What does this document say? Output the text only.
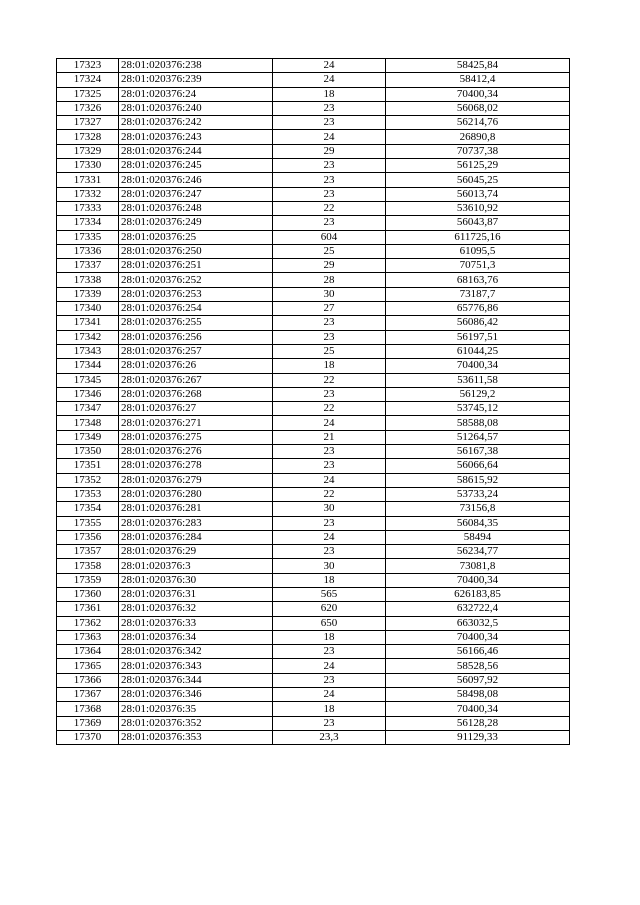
17323	28:01:020376:238	24	58425,84
17324	28:01:020376:239	24	58412,4
17325	28:01:020376:24	18	70400,34
17326	28:01:020376:240	23	56068,02
17327	28:01:020376:242	23	56214,76
17328	28:01:020376:243	24	26890,8
17329	28:01:020376:244	29	70737,38
17330	28:01:020376:245	23	56125,29
17331	28:01:020376:246	23	56045,25
17332	28:01:020376:247	23	56013,74
17333	28:01:020376:248	22	53610,92
17334	28:01:020376:249	23	56043,87
17335	28:01:020376:25	604	611725,16
17336	28:01:020376:250	25	61095,5
17337	28:01:020376:251	29	70751,3
17338	28:01:020376:252	28	68163,76
17339	28:01:020376:253	30	73187,7
17340	28:01:020376:254	27	65776,86
17341	28:01:020376:255	23	56086,42
17342	28:01:020376:256	23	56197,51
17343	28:01:020376:257	25	61044,25
17344	28:01:020376:26	18	70400,34
17345	28:01:020376:267	22	53611,58
17346	28:01:020376:268	23	56129,2
17347	28:01:020376:27	22	53745,12
17348	28:01:020376:271	24	58588,08
17349	28:01:020376:275	21	51264,57
17350	28:01:020376:276	23	56167,38
17351	28:01:020376:278	23	56066,64
17352	28:01:020376:279	24	58615,92
17353	28:01:020376:280	22	53733,24
17354	28:01:020376:281	30	73156,8
17355	28:01:020376:283	23	56084,35
17356	28:01:020376:284	24	58494
17357	28:01:020376:29	23	56234,77
17358	28:01:020376:3	30	73081,8
17359	28:01:020376:30	18	70400,34
17360	28:01:020376:31	565	626183,85
17361	28:01:020376:32	620	632722,4
17362	28:01:020376:33	650	663032,5
17363	28:01:020376:34	18	70400,34
17364	28:01:020376:342	23	56166,46
17365	28:01:020376:343	24	58528,56
17366	28:01:020376:344	23	56097,92
17367	28:01:020376:346	24	58498,08
17368	28:01:020376:35	18	70400,34
17369	28:01:020376:352	23	56128,28
17370	28:01:020376:353	23,3	91129,33
